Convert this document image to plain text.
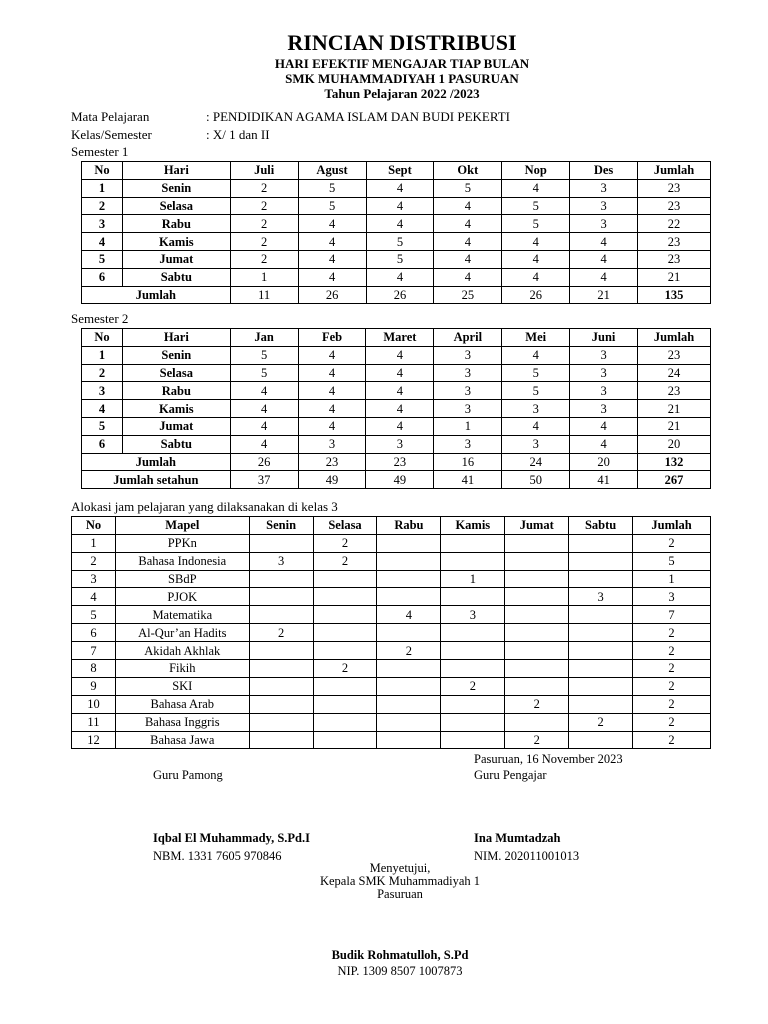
RINCIAN DISTRIBUSI
HARI EFEKTIF MENGAJAR TIAP BULAN
SMK MUHAMMADIYAH 1 PASURUAN
Tahun Pelajaran 2022 /2023
Mata Pelajaran	: PENDIDIKAN AGAMA ISLAM DAN BUDI PEKERTI
Kelas/Semester	: X/ 1 dan II
Semester 1
No	Hari	Juli	Agust	Sept	Okt	Nop	Des	Jumlah
1	Senin	2	5	4	5	4	3	23
2	Selasa	2	5	4	4	5	3	23
3	Rabu	2	4	4	4	5	3	22
4	Kamis	2	4	5	4	4	4	23
5	Jumat	2	4	5	4	4	4	23
6	Sabtu	1	4	4	4	4	4	21
Jumlah		11	26	26	25	26	21	135
Semester 2
No	Hari	Jan	Feb	Maret	April	Mei	Juni	Jumlah
1	Senin	5	4	4	3	4	3	23
2	Selasa	5	4	4	3	5	3	24
3	Rabu	4	4	4	3	5	3	23
4	Kamis	4	4	4	3	3	3	21
5	Jumat	4	4	4	1	4	4	21
6	Sabtu	4	3	3	3	3	4	20
Jumlah		26	23	23	16	24	20	132
Jumlah setahun		37	49	49	41	50	41	267
Alokasi jam pelajaran yang dilaksanakan di kelas 3
No	Mapel	Senin	Selasa	Rabu	Kamis	Jumat	Sabtu	Jumlah
1	PPKn		2					2
2	Bahasa Indonesia	3	2					5
3	SBdP				1			1
4	PJOK						3	3
5	Matematika			4	3			7
6	Al-Qur’an Hadits	2						2
7	Akidah Akhlak			2				2
8	Fikih		2					2
9	SKI				2			2
10	Bahasa Arab					2		2
11	Bahasa Inggris						2	2
12	Bahasa Jawa					2		2
Pasuruan, 16 November 2023
Guru Pamong	Guru Pengajar
Iqbal El Muhammady, S.Pd.I
NBM. 1331 7605 970846
Ina Mumtadzah
NIM. 202011001013
Menyetujui,
Kepala SMK Muhammadiyah 1
Pasuruan
Budik Rohmatulloh, S.Pd
NIP. 1309 8507 1007873
